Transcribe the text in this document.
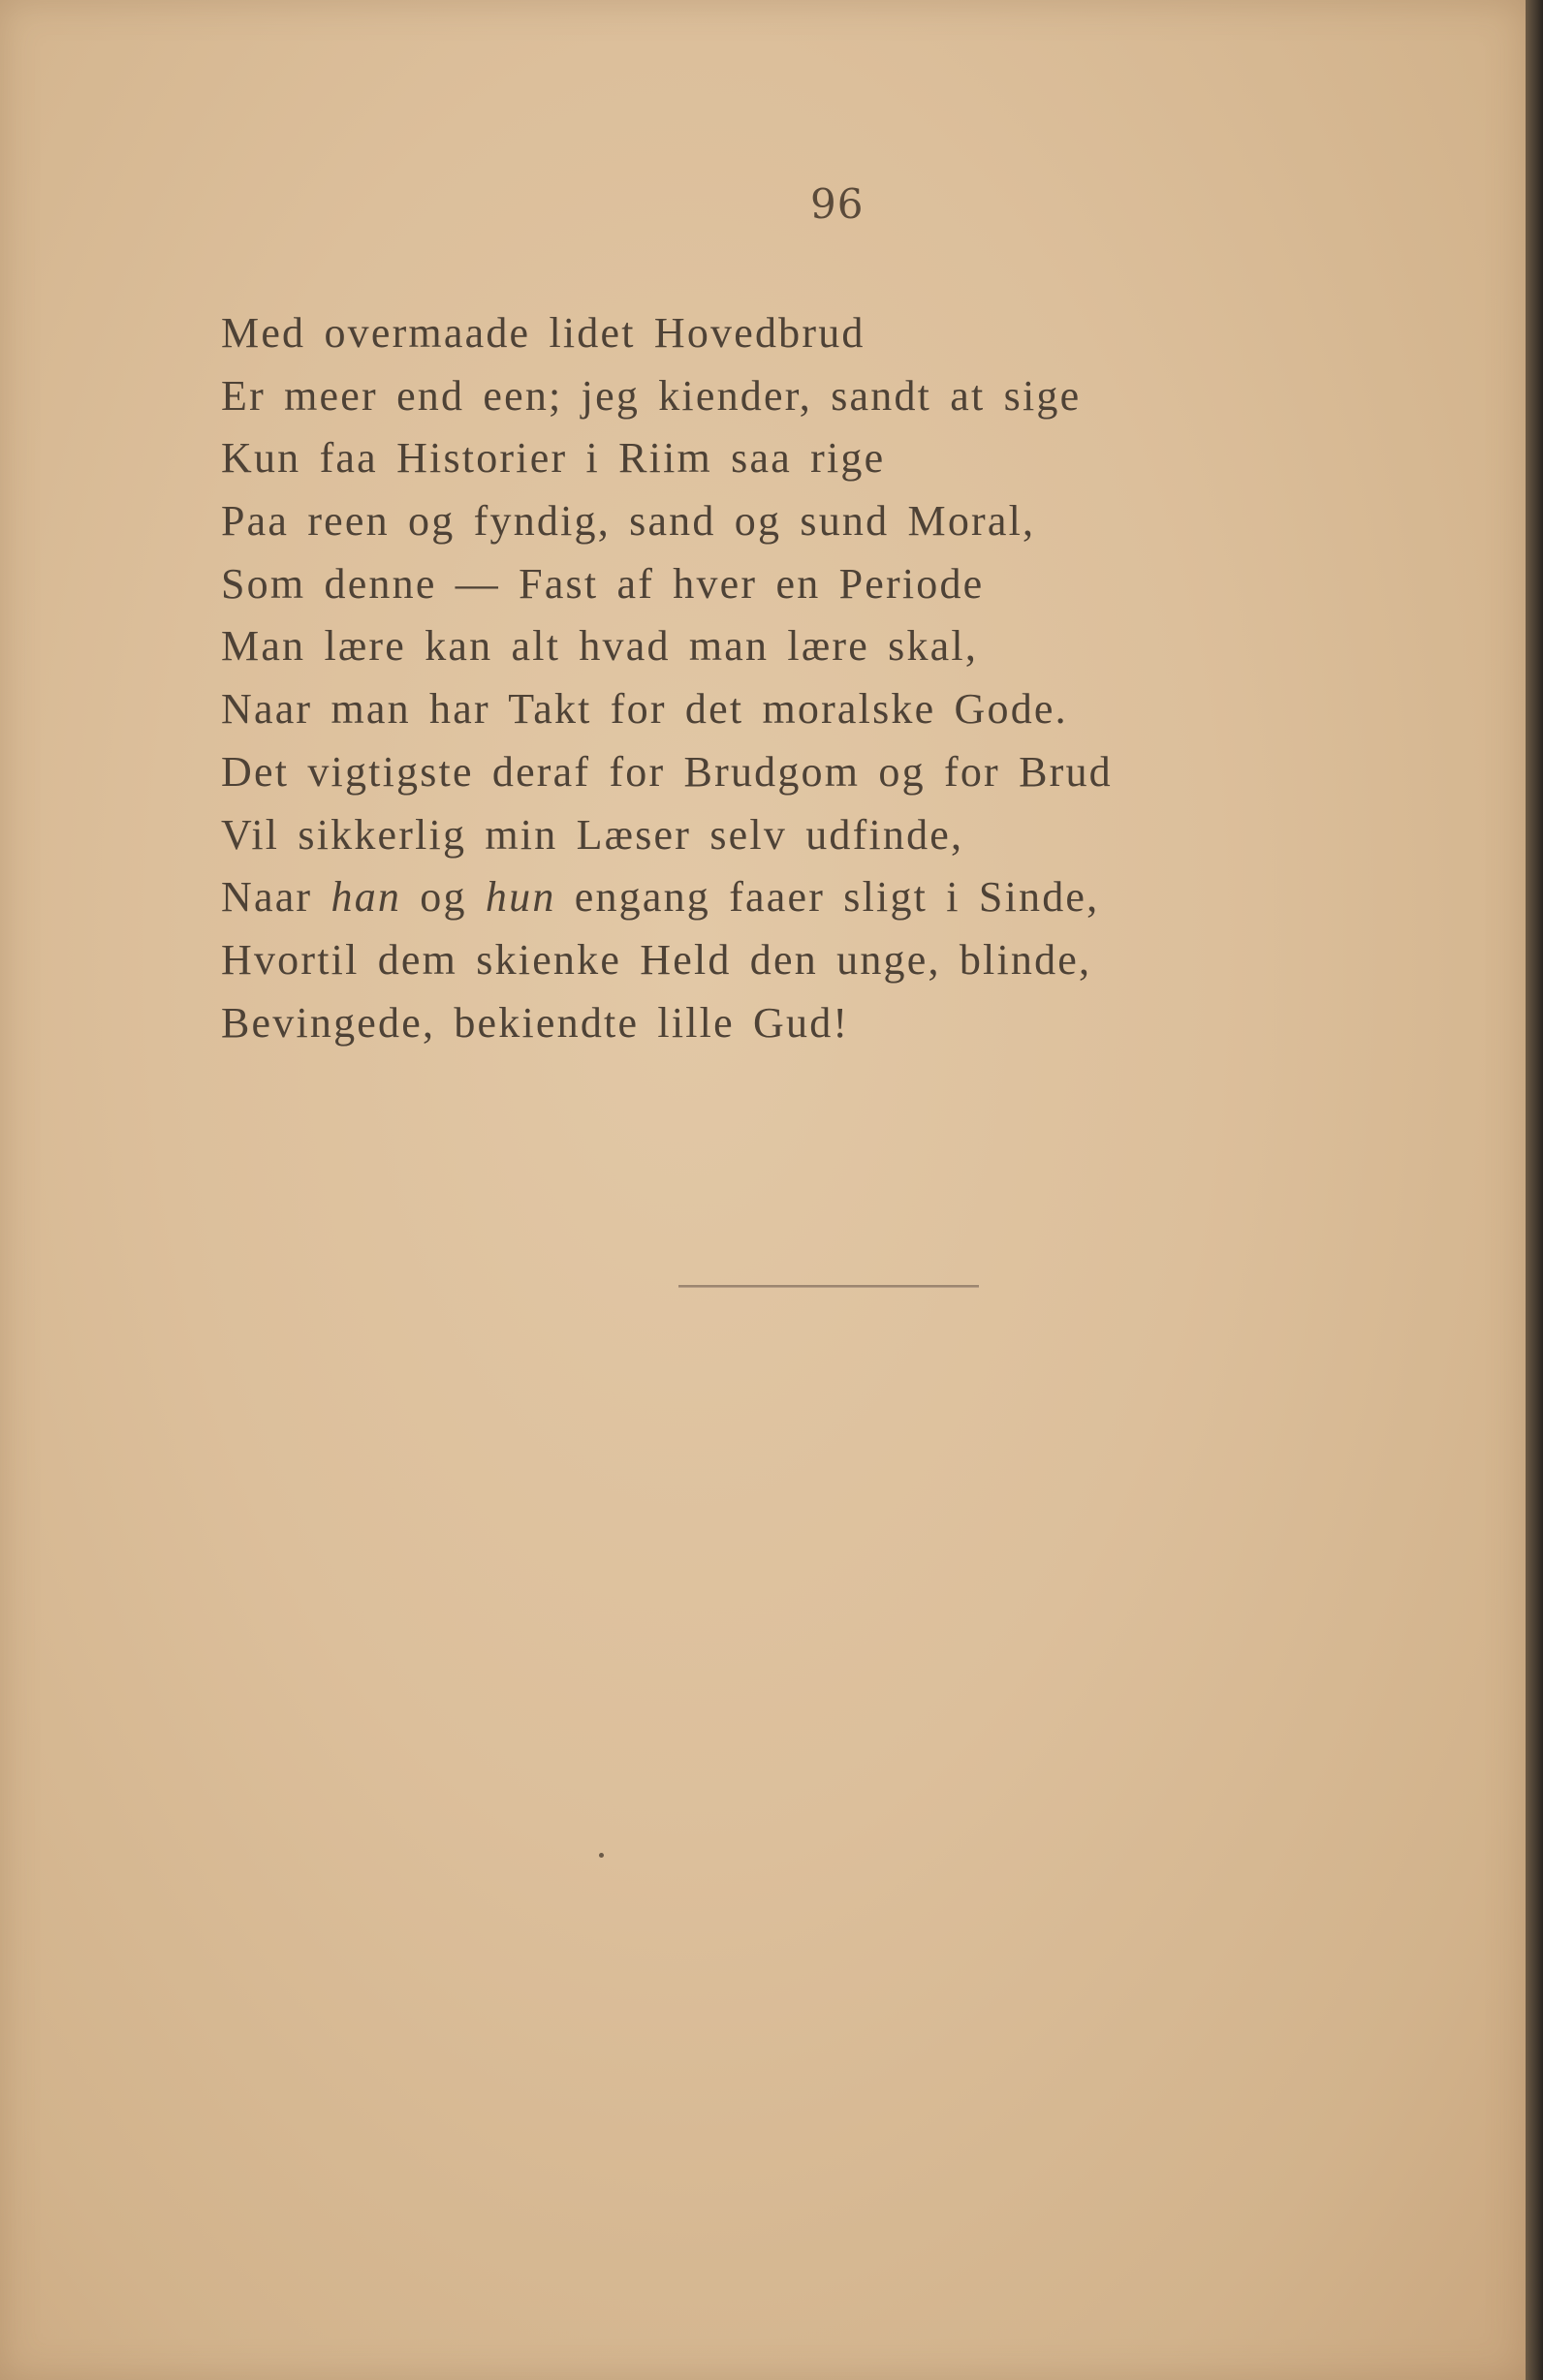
96
Med overmaade lidet Hovedbrud
Er meer end een; jeg kiender, sandt at sige
Kun faa Historier i Riim saa rige
Paa reen og fyndig, sand og sund Moral,
Som denne — Fast af hver en Periode
Man lære kan alt hvad man lære skal,
Naar man har Takt for det moralske Gode.
Det vigtigste deraf for Brudgom og for Brud
Vil sikkerlig min Læser selv udfinde,
Naar han og hun engang faaer sligt i Sinde,
Hvortil dem skienke Held den unge, blinde,
Bevingede, bekiendte lille Gud!
